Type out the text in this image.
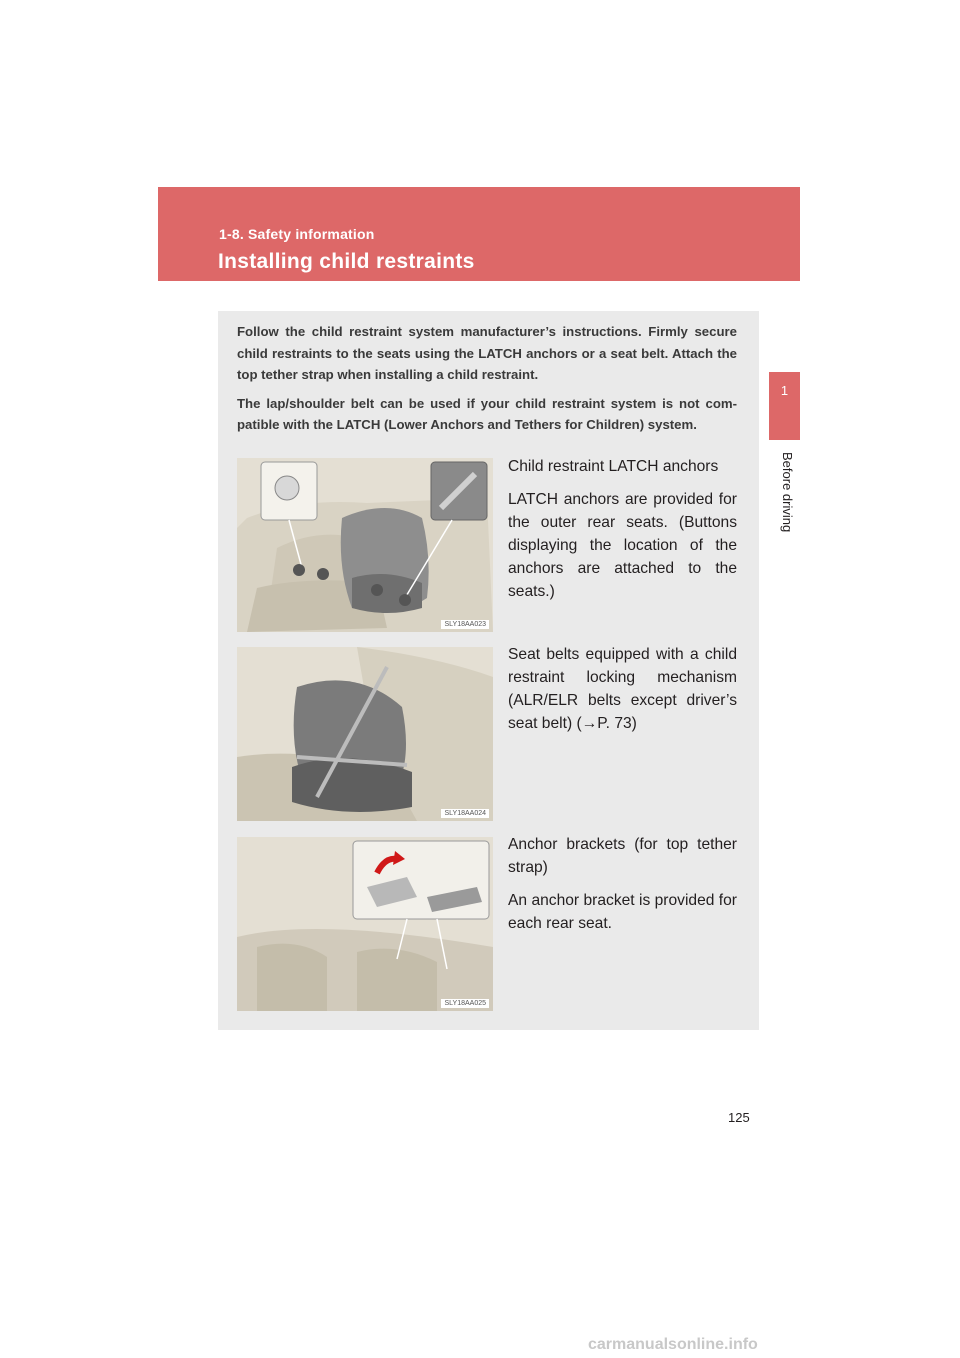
1-8. Safety information
Installing child restraints
1
Before driving

Follow the child restraint system manufacturer’s instructions. Firmly secure child restraints to the seats using the LATCH anchors or a seat belt. Attach the top tether strap when installing a child restraint.

The lap/shoulder belt can be used if your child restraint system is not com-patible with the LATCH (Lower Anchors and Tethers for Children) system.

SLY18AA023

Child restraint LATCH anchors

LATCH anchors are provided for the outer rear seats. (Buttons displaying the location of the anchors are attached to the seats.)

SLY18AA024

Seat belts equipped with a child restraint locking mechanism (ALR/ELR belts except driver’s seat belt) (→P. 73)

SLY18AA025

Anchor brackets (for top tether strap)

An anchor bracket is provided for each rear seat.

125
carmanualsonline.info
